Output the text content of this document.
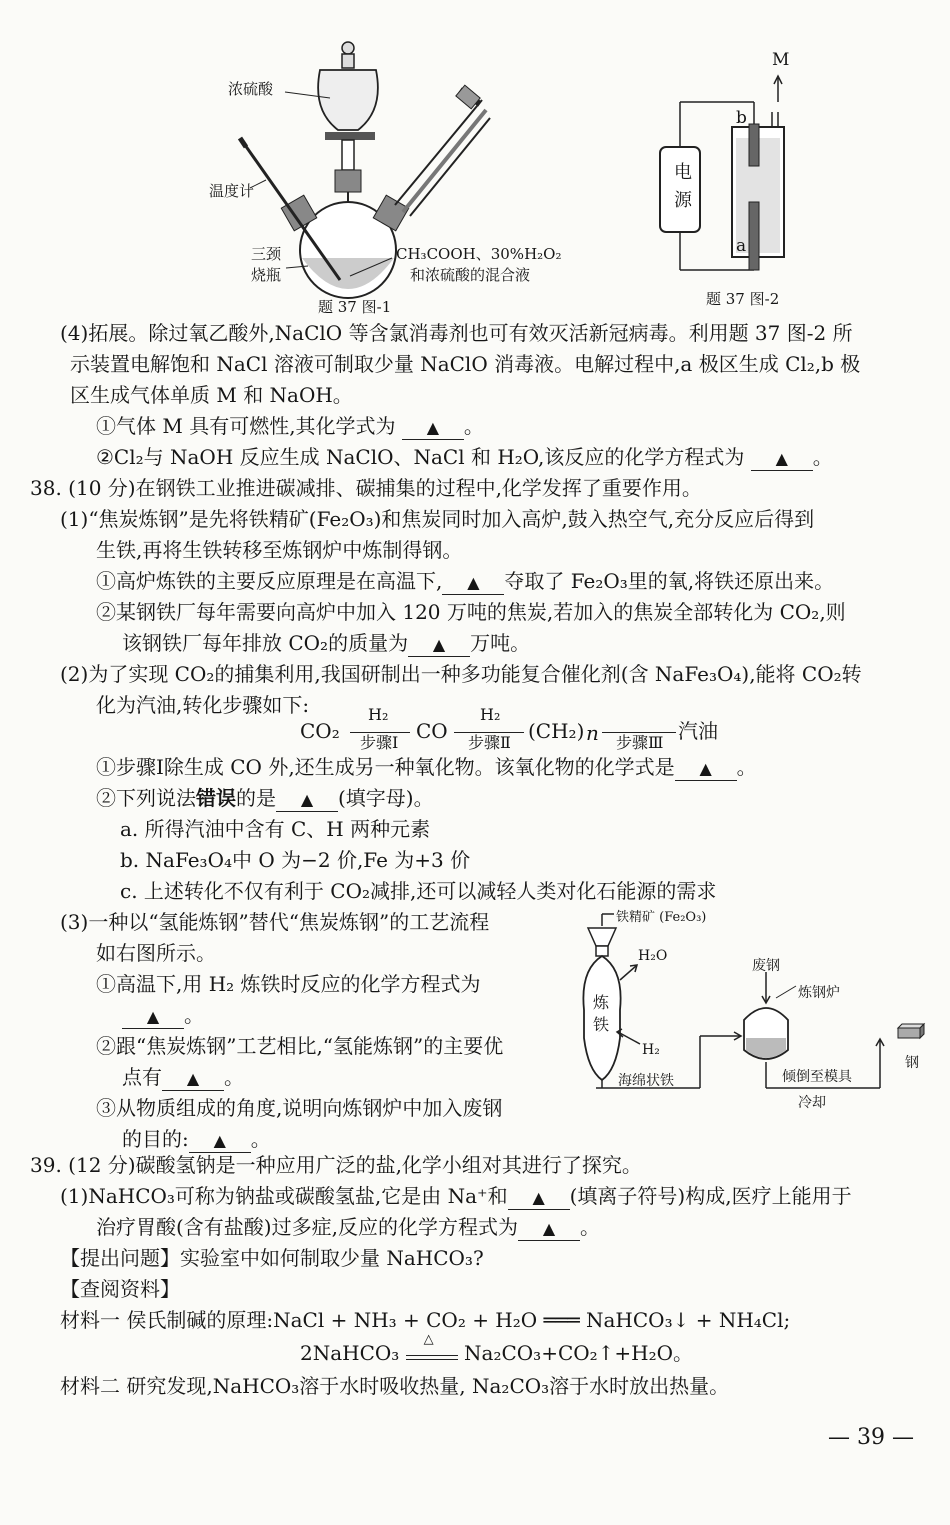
浓硫酸
温度计
三颈
烧瓶
CH₃COOH、30%H₂O₂
和浓硫酸的混合液
题 37 图-1
电
源
M
b
a
题 37 图-2
(4)拓展。除过氧乙酸外,NaClO 等含氯消毒剂也可有效灭活新冠病毒。利用题 37 图-2 所
示装置电解饱和 NaCl 溶液可制取少量 NaClO 消毒液。电解过程中,a 极区生成 Cl₂,b 极
区生成气体单质 M 和 NaOH。
①气体 M 具有可燃性,其化学式为 ▲ 。
②Cl₂与 NaOH 反应生成 NaClO、NaCl 和 H₂O,该反应的化学方程式为 ▲ 。
38. (10 分)在钢铁工业推进碳减排、碳捕集的过程中,化学发挥了重要作用。
(1)“焦炭炼钢”是先将铁精矿(Fe₂O₃)和焦炭同时加入高炉,鼓入热空气,充分反应后得到
生铁,再将生铁转移至炼钢炉中炼制得钢。
①高炉炼铁的主要反应原理是在高温下, ▲ 夺取了 Fe₂O₃里的氧,将铁还原出来。
②某钢铁厂每年需要向高炉中加入 120 万吨的焦炭,若加入的焦炭全部转化为 CO₂,则
该钢铁厂每年排放 CO₂的质量为 ▲ 万吨。
(2)为了实现 CO₂的捕集利用,我国研制出一种多功能复合催化剂(含 NaFe₃O₄),能将 CO₂转
化为汽油,转化步骤如下:
CO₂
H₂
步骤Ⅰ CO
H₂
步骤Ⅱ (CH₂) n 步骤Ⅲ 汽油
①步骤Ⅰ除生成 CO 外,还生成另一种氧化物。该氧化物的化学式是 ▲ 。
②下列说法错误的是 ▲ (填字母)。
a. 所得汽油中含有 C、H 两种元素
b. NaFe₃O₄中 O 为−2 价,Fe 为+3 价
c. 上述转化不仅有利于 CO₂减排,还可以减轻人类对化石能源的需求
(3)一种以“氢能炼钢”替代“焦炭炼钢”的工艺流程
如右图所示。
①高温下,用 H₂ 炼铁时反应的化学方程式为
▲ 。
②跟“焦炭炼钢”工艺相比,“氢能炼钢”的主要优
点有 ▲ 。
③从物质组成的角度,说明向炼钢炉中加入废钢
的目的: ▲ 。
铁精矿 (Fe₂O₃)
H₂O
炼
铁
H₂
海绵状铁
废钢
炼钢炉
倾倒至模具
冷却
钢
39. (12 分)碳酸氢钠是一种应用广泛的盐,化学小组对其进行了探究。
(1)NaHCO₃可称为钠盐或碳酸氢盐,它是由 Na⁺和 ▲ (填离子符号)构成,医疗上能用于
治疗胃酸(含有盐酸)过多症,反应的化学方程式为 ▲ 。
【提出问题】实验室中如何制取少量 NaHCO₃?
【查阅资料】
材料一 侯氏制碱的原理:NaCl + NH₃ + CO₂ + H₂O ═══ NaHCO₃↓ + NH₄Cl;
2NaHCO₃
△
Na₂CO₃+CO₂↑+H₂O。
材料二 研究发现,NaHCO₃溶于水时吸收热量, Na₂CO₃溶于水时放出热量。
— 39 —
